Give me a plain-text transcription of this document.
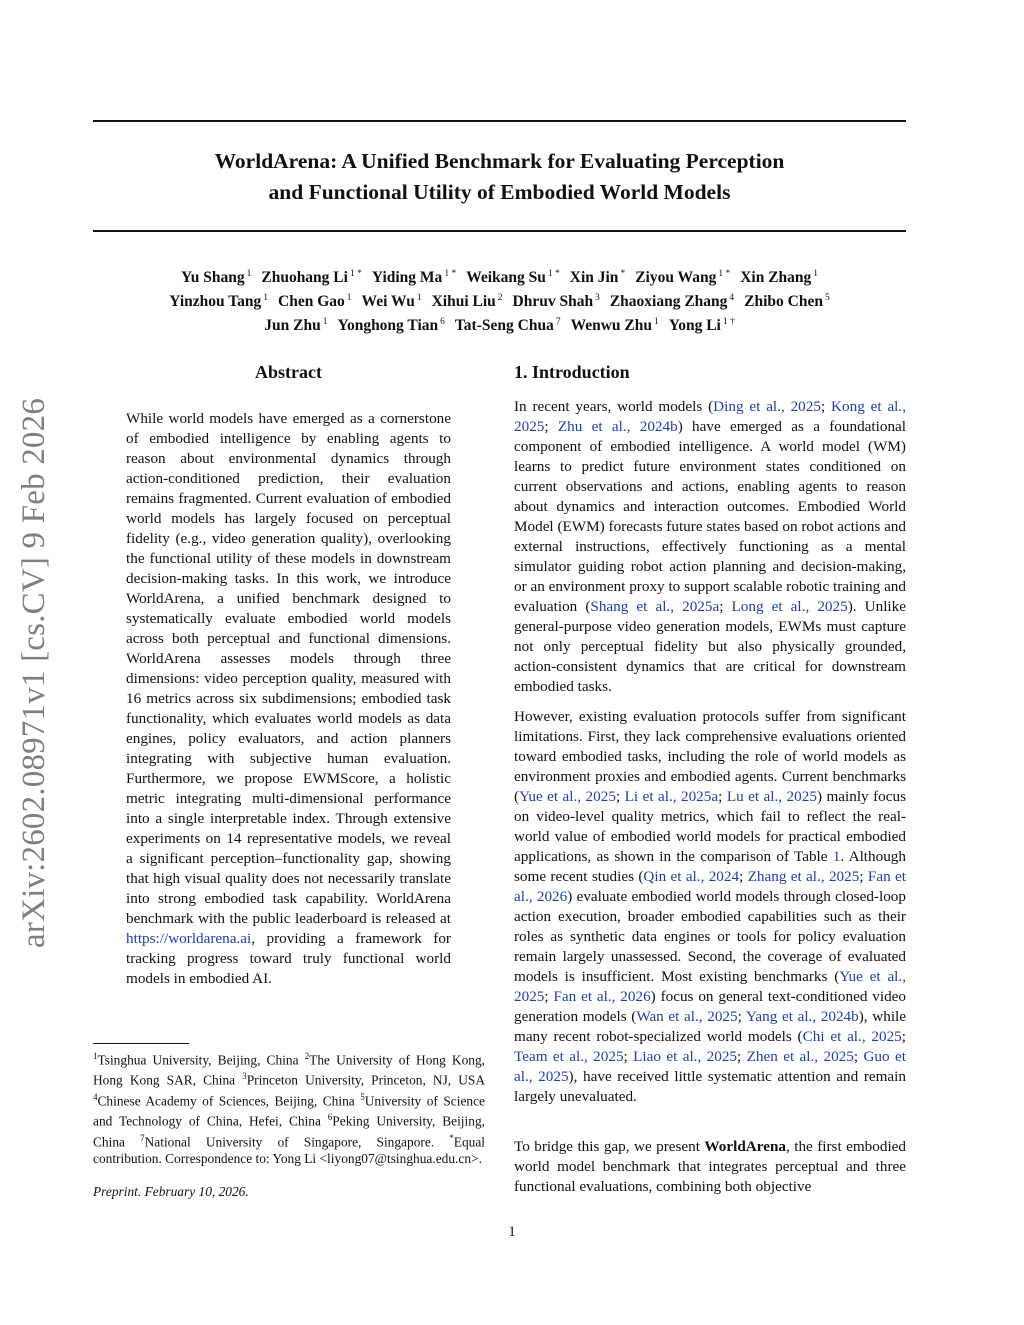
arXiv:2602.08971v1 [cs.CV] 9 Feb 2026
WorldArena: A Unified Benchmark for Evaluating Perception
and Functional Utility of Embodied World Models
Yu Shang $^1$ Zhuohang Li $^{1 *}$ Yiding Ma $^{1 *}$ Weikang Su $^{1 *}$ Xin Jin * Ziyou Wang $^{1 *}$ Xin Zhang $^1$
Yinzhou Tang $^1$ Chen Gao $^1$ Wei Wu $^1$ Xihui Liu $^2$ Dhruv Shah $^3$ Zhaoxiang Zhang $^4$ Zhibo Chen $^5$
Jun Zhu $^1$ Yonghong Tian $^6$ Tat-Seng Chua $^7$ Wenwu Zhu $^1$ Yong Li $^{1 \dagger}$
Abstract

While world models have emerged as a cornerstone of embodied intelligence by enabling agents to reason about environmental dynamics through action-conditioned prediction, their evaluation remains fragmented. Current evaluation of embodied world models has largely focused on perceptual fidelity (e.g., video generation quality), overlooking the functional utility of these models in downstream decision-making tasks. In this work, we introduce WorldArena, a unified benchmark designed to systematically evaluate embodied world models across both perceptual and functional dimensions. WorldArena assesses models through three dimensions: video perception quality, measured with 16 metrics across six subdimensions; embodied task functionality, which evaluates world models as data engines, policy evaluators, and action planners integrating with subjective human evaluation. Furthermore, we propose EWMScore, a holistic metric integrating multi-dimensional performance into a single interpretable index. Through extensive experiments on 14 representative models, we reveal a significant perception–functionality gap, showing that high visual quality does not necessarily translate into strong embodied task capability. WorldArena benchmark with the public leaderboard is released at https://worldarena.ai, providing a framework for tracking progress toward truly functional world models in embodied AI.

$^1$Tsinghua University, Beijing, China $^2$The University of Hong Kong, Hong Kong SAR, China $^3$Princeton University, Princeton, NJ, USA $^4$Chinese Academy of Sciences, Beijing, China $^5$University of Science and Technology of China, Hefei, China $^6$Peking University, Beijing, China $^7$National University of Singapore, Singapore. *Equal contribution. Correspondence to: Yong Li <liyong07@tsinghua.edu.cn>.

Preprint. February 10, 2026.

1. Introduction

In recent years, world models (Ding et al., 2025; Kong et al., 2025; Zhu et al., 2024b) have emerged as a foundational component of embodied intelligence. A world model (WM) learns to predict future environment states conditioned on current observations and actions, enabling agents to reason about dynamics and interaction outcomes. Embodied World Model (EWM) forecasts future states based on robot actions and external instructions, effectively functioning as a mental simulator guiding robot action planning and decision-making, or an environment proxy to support scalable robotic training and evaluation (Shang et al., 2025a; Long et al., 2025). Unlike general-purpose video generation models, EWMs must capture not only perceptual fidelity but also physically grounded, action-consistent dynamics that are critical for downstream embodied tasks.

However, existing evaluation protocols suffer from significant limitations. First, they lack comprehensive evaluations oriented toward embodied tasks, including the role of world models as environment proxies and embodied agents. Current benchmarks (Yue et al., 2025; Li et al., 2025a; Lu et al., 2025) mainly focus on video-level quality metrics, which fail to reflect the real-world value of embodied world models for practical embodied applications, as shown in the comparison of Table 1. Although some recent studies (Qin et al., 2024; Zhang et al., 2025; Fan et al., 2026) evaluate embodied world models through closed-loop action execution, broader embodied capabilities such as their roles as synthetic data engines or tools for policy evaluation remain largely unassessed. Second, the coverage of evaluated models is insufficient. Most existing benchmarks (Yue et al., 2025; Fan et al., 2026) focus on general text-conditioned video generation models (Wan et al., 2025; Yang et al., 2024b), while many recent robot-specialized world models (Chi et al., 2025; Team et al., 2025; Liao et al., 2025; Zhen et al., 2025; Guo et al., 2025), have received little systematic attention and remain largely unevaluated.

To bridge this gap, we present WorldArena, the first embodied world model benchmark that integrates perceptual and three functional evaluations, combining both objective

1
